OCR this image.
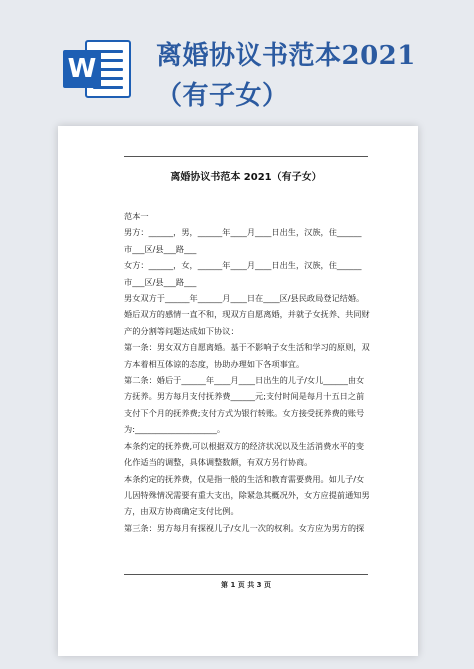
W 离婚协议书范本2021（有子女）
离婚协议书范本 2021（有子女）
范本一
男方：______，男，______年____月____日出生，汉族，住______
市___区/县___路___
女方：______，女，______年____月____日出生，汉族，住______
市___区/县___路___
男女双方于______年______月____日在____区/县民政局登记结婚。婚后双方的感情一直不和，现双方自愿离婚，并就子女抚养、共同财产的分割等问题达成如下协议：
第一条：男女双方自愿离婚。基于不影响子女生活和学习的原则，双方本着相互体谅的态度，协助办理如下各项事宜。
第二条：婚后于______年____月____日出生的儿子/女儿______由女方抚养。男方每月支付抚养费______元;支付时间是每月十五日之前支付下个月的抚养费;支付方式为银行转账。女方接受抚养费的账号为:____________________。
本条约定的抚养费,可以根据双方的经济状况以及生活消费水平的变化作适当的调整，具体调整数额，有双方另行协商。
本条约定的抚养费，仅是指一般的生活和教育需要费用。如儿子/女儿因特殊情况需要有重大支出，除紧急其概况外，女方应提前通知男方，由双方协商确定支付比例。
第三条：男方每月有探视儿子/女儿一次的权利。女方应为男方的探
第 1 页 共 3 页
